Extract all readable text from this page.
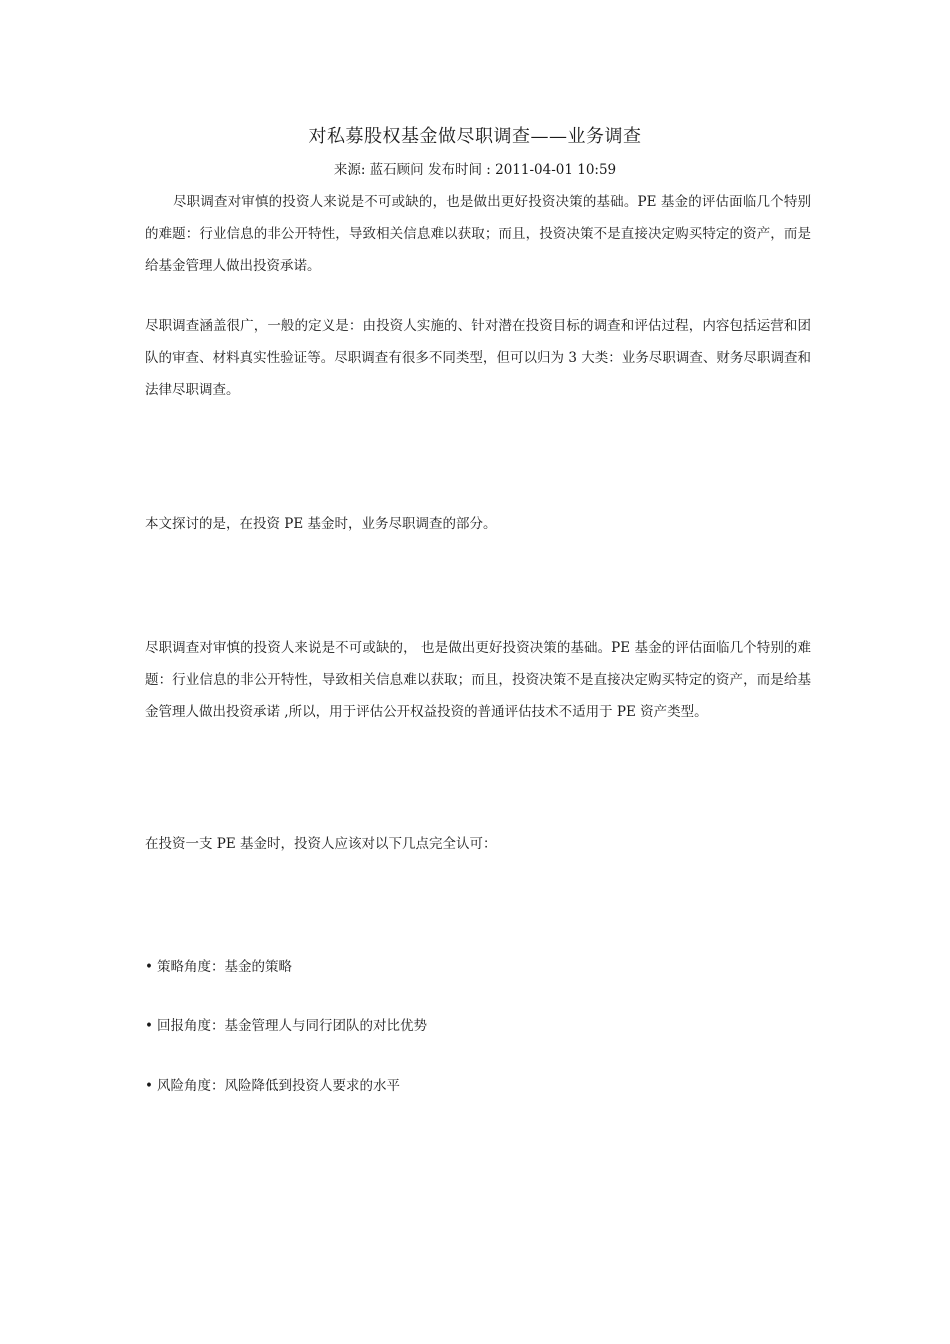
对私募股权基金做尽职调查——业务调查
来源: 蓝石顾问 发布时间 : 2011-04-01 10:59
尽职调查对审慎的投资人来说是不可或缺的，也是做出更好投资决策的基础。PE 基金的评估面临几个特别的难题：行业信息的非公开特性，导致相关信息难以获取；而且，投资决策不是直接决定购买特定的资产，而是给基金管理人做出投资承诺。
尽职调查涵盖很广，一般的定义是：由投资人实施的、针对潜在投资目标的调查和评估过程，内容包括运营和团队的审查、材料真实性验证等。尽职调查有很多不同类型，但可以归为 3 大类：业务尽职调查、财务尽职调查和法律尽职调查。
本文探讨的是，在投资 PE 基金时，业务尽职调查的部分。
尽职调查对审慎的投资人来说是不可或缺的， 也是做出更好投资决策的基础。PE 基金的评估面临几个特别的难题：行业信息的非公开特性，导致相关信息难以获取；而且，投资决策不是直接决定购买特定的资产，而是给基金管理人做出投资承诺 ,所以，用于评估公开权益投资的普通评估技术不适用于 PE 资产类型。
在投资一支 PE 基金时，投资人应该对以下几点完全认可：
• 策略角度：基金的策略
• 回报角度：基金管理人与同行团队的对比优势
• 风险角度：风险降低到投资人要求的水平
